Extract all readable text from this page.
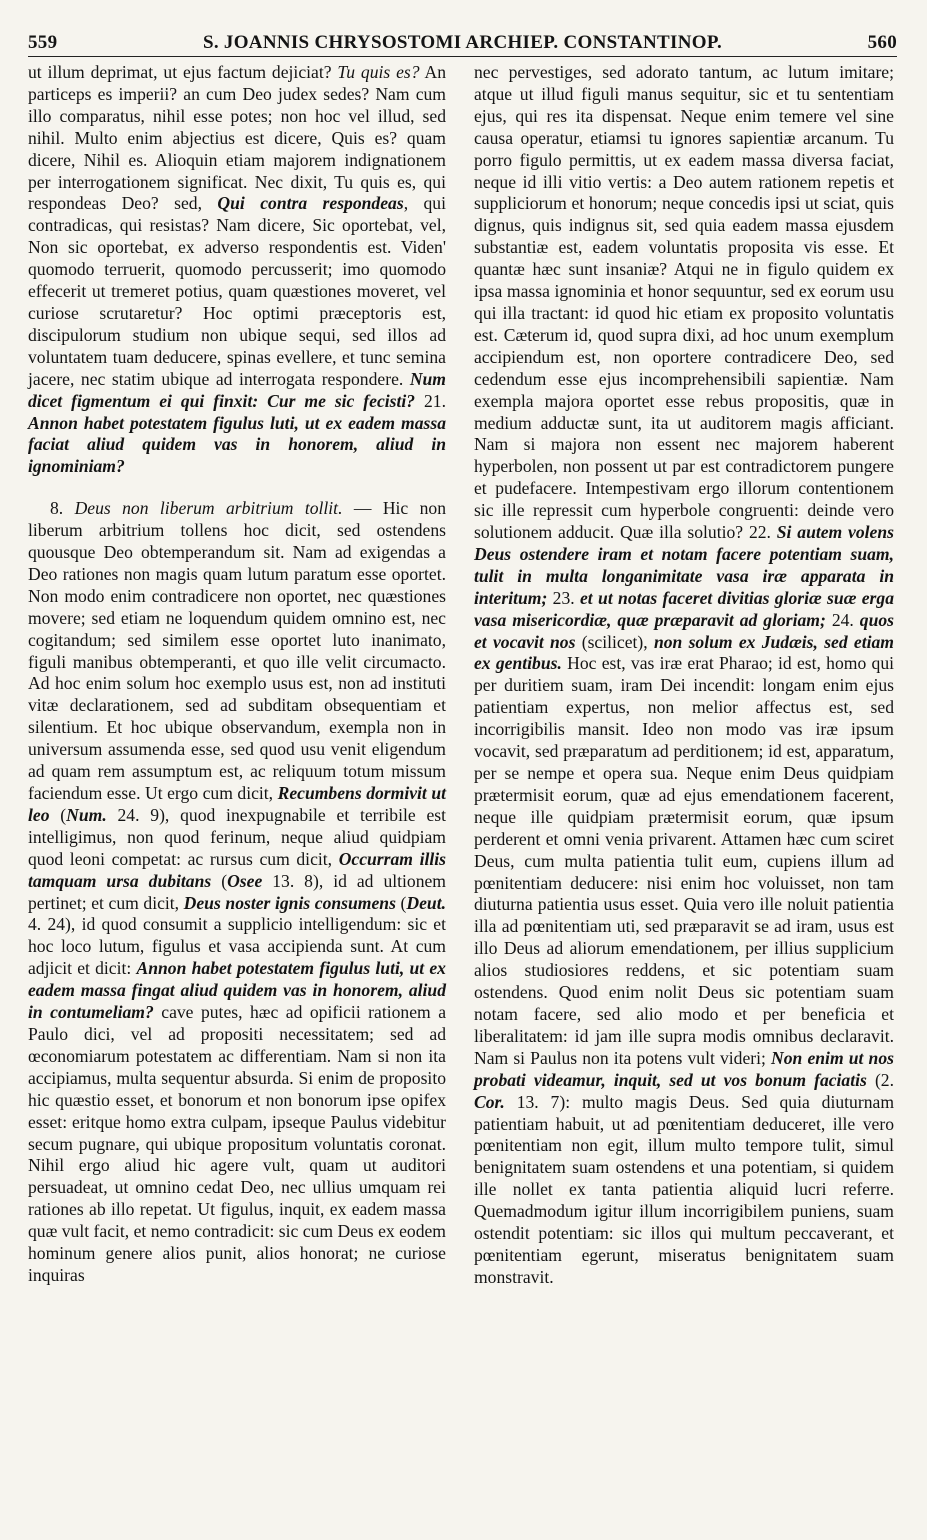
559	S. JOANNIS CHRYSOSTOMI ARCHIEP. CONSTANTINOP.	560

ut illum deprimat, ut ejus factum dejiciat? Tu quis es? An particeps es imperii? an cum Deo judex sedes? Nam cum illo comparatus, nihil esse potes; non hoc vel illud, sed nihil. Multo enim abjectius est dicere, Quis es? quam dicere, Nihil es. Alioquin etiam majorem indignationem per interrogationem significat. Nec dixit, Tu quis es, qui respondeas Deo? sed, Qui contra respondeas, qui contradicas, qui resistas? Nam dicere, Sic oportebat, vel, Non sic oportebat, ex adverso respondentis est. Viden' quomodo terruerit, quomodo percusserit; imo quomodo effecerit ut tremeret potius, quam quæstiones moveret, vel curiose scrutaretur? Hoc optimi præceptoris est, discipulorum studium non ubique sequi, sed illos ad voluntatem tuam deducere, spinas evellere, et tunc semina jacere, nec statim ubique ad interrogata respondere. Num dicet figmentum ei qui finxit: Cur me sic fecisti? 21. Annon habet potestatem figulus luti, ut ex eadem massa faciat aliud quidem vas in honorem, aliud in ignominiam?

8. Deus non liberum arbitrium tollit. — Hic non liberum arbitrium tollens hoc dicit, sed ostendens quousque Deo obtemperandum sit. Nam ad exigendas a Deo rationes non magis quam lutum paratum esse oportet. Non modo enim contradicere non oportet, nec quæstiones movere; sed etiam ne loquendum quidem omnino est, nec cogitandum; sed similem esse oportet luto inanimato, figuli manibus obtemperanti, et quo ille velit circumacto. Ad hoc enim solum hoc exemplo usus est, non ad instituti vitæ declarationem, sed ad subditam obsequentiam et silentium. Et hoc ubique observandum, exempla non in universum assumenda esse, sed quod usu venit eligendum ad quam rem assumptum est, ac reliquum totum missum faciendum esse. Ut ergo cum dicit, Recumbens dormivit ut leo (Num. 24. 9), quod inexpugnabile et terribile est intelligimus, non quod ferinum, neque aliud quidpiam quod leoni competat: ac rursus cum dicit, Occurram illis tamquam ursa dubitans (Osee 13. 8), id ad ultionem pertinet; et cum dicit, Deus noster ignis consumens (Deut. 4. 24), id quod consumit a supplicio intelligendum: sic et hoc loco lutum, figulus et vasa accipienda sunt. At cum adjicit et dicit: Annon habet potestatem figulus luti, ut ex eadem massa fingat aliud quidem vas in honorem, aliud in contumeliam? cave putes, hæc ad opificii rationem a Paulo dici, vel ad propositi necessitatem; sed ad œconomiarum potestatem ac differentiam. Nam si non ita accipiamus, multa sequentur absurda. Si enim de proposito hic quæstio esset, et bonorum et non bonorum ipse opifex esset: eritque homo extra culpam, ipseque Paulus videbitur secum pugnare, qui ubique propositum voluntatis coronat. Nihil ergo aliud hic agere vult, quam ut auditori persuadeat, ut omnino cedat Deo, nec ullius umquam rei rationes ab illo repetat. Ut figulus, inquit, ex eadem massa quæ vult facit, et nemo contradicit: sic cum Deus ex eodem hominum genere alios punit, alios honorat; ne curiose inquiras

nec pervestiges, sed adorato tantum, ac lutum imitare; atque ut illud figuli manus sequitur, sic et tu sententiam ejus, qui res ita dispensat. Neque enim temere vel sine causa operatur, etiamsi tu ignores sapientiæ arcanum. Tu porro figulo permittis, ut ex eadem massa diversa faciat, neque id illi vitio vertis: a Deo autem rationem repetis et suppliciorum et honorum; neque concedis ipsi ut sciat, quis dignus, quis indignus sit, sed quia eadem massa ejusdem substantiæ est, eadem voluntatis proposita vis esse. Et quantæ hæc sunt insaniæ? Atqui ne in figulo quidem ex ipsa massa ignominia et honor sequuntur, sed ex eorum usu qui illa tractant: id quod hic etiam ex proposito voluntatis est. Cæterum id, quod supra dixi, ad hoc unum exemplum accipiendum est, non oportere contradicere Deo, sed cedendum esse ejus incomprehensibili sapientiæ. Nam exempla majora oportet esse rebus propositis, quæ in medium adductæ sunt, ita ut auditorem magis afficiant. Nam si majora non essent nec majorem haberent hyperbolen, non possent ut par est contradictorem pungere et pudefacere. Intempestivam ergo illorum contentionem sic ille repressit cum hyperbole congruenti: deinde vero solutionem adducit. Quæ illa solutio? 22. Si autem volens Deus ostendere iram et notam facere potentiam suam, tulit in multa longanimitate vasa iræ apparata in interitum; 23. et ut notas faceret divitias gloriæ suæ erga vasa misericordiæ, quæ præparavit ad gloriam; 24. quos et vocavit nos (scilicet), non solum ex Judæis, sed etiam ex gentibus. Hoc est, vas iræ erat Pharao; id est, homo qui per duritiem suam, iram Dei incendit: longam enim ejus patientiam expertus, non melior affectus est, sed incorrigibilis mansit. Ideo non modo vas iræ ipsum vocavit, sed præparatum ad perditionem; id est, apparatum, per se nempe et opera sua. Neque enim Deus quidpiam prætermisit eorum, quæ ad ejus emendationem facerent, neque ille quidpiam prætermisit eorum, quæ ipsum perderent et omni venia privarent. Attamen hæc cum sciret Deus, cum multa patientia tulit eum, cupiens illum ad pœnitentiam deducere: nisi enim hoc voluisset, non tam diuturna patientia usus esset. Quia vero ille noluit patientia illa ad pœnitentiam uti, sed præparavit se ad iram, usus est illo Deus ad aliorum emendationem, per illius supplicium alios studiosiores reddens, et sic potentiam suam ostendens. Quod enim nolit Deus sic potentiam suam notam facere, sed alio modo et per beneficia et liberalitatem: id jam ille supra modis omnibus declaravit. Nam si Paulus non ita potens vult videri; Non enim ut nos probati videamur, inquit, sed ut vos bonum faciatis (2. Cor. 13. 7): multo magis Deus. Sed quia diuturnam patientiam habuit, ut ad pœnitentiam deduceret, ille vero pœnitentiam non egit, illum multo tempore tulit, simul benignitatem suam ostendens et una potentiam, si quidem ille nollet ex tanta patientia aliquid lucri referre. Quemadmodum igitur illum incorrigibilem puniens, suam ostendit potentiam: sic illos qui multum peccaverant, et pœnitentiam egerunt, miseratus benignitatem suam monstravit.
